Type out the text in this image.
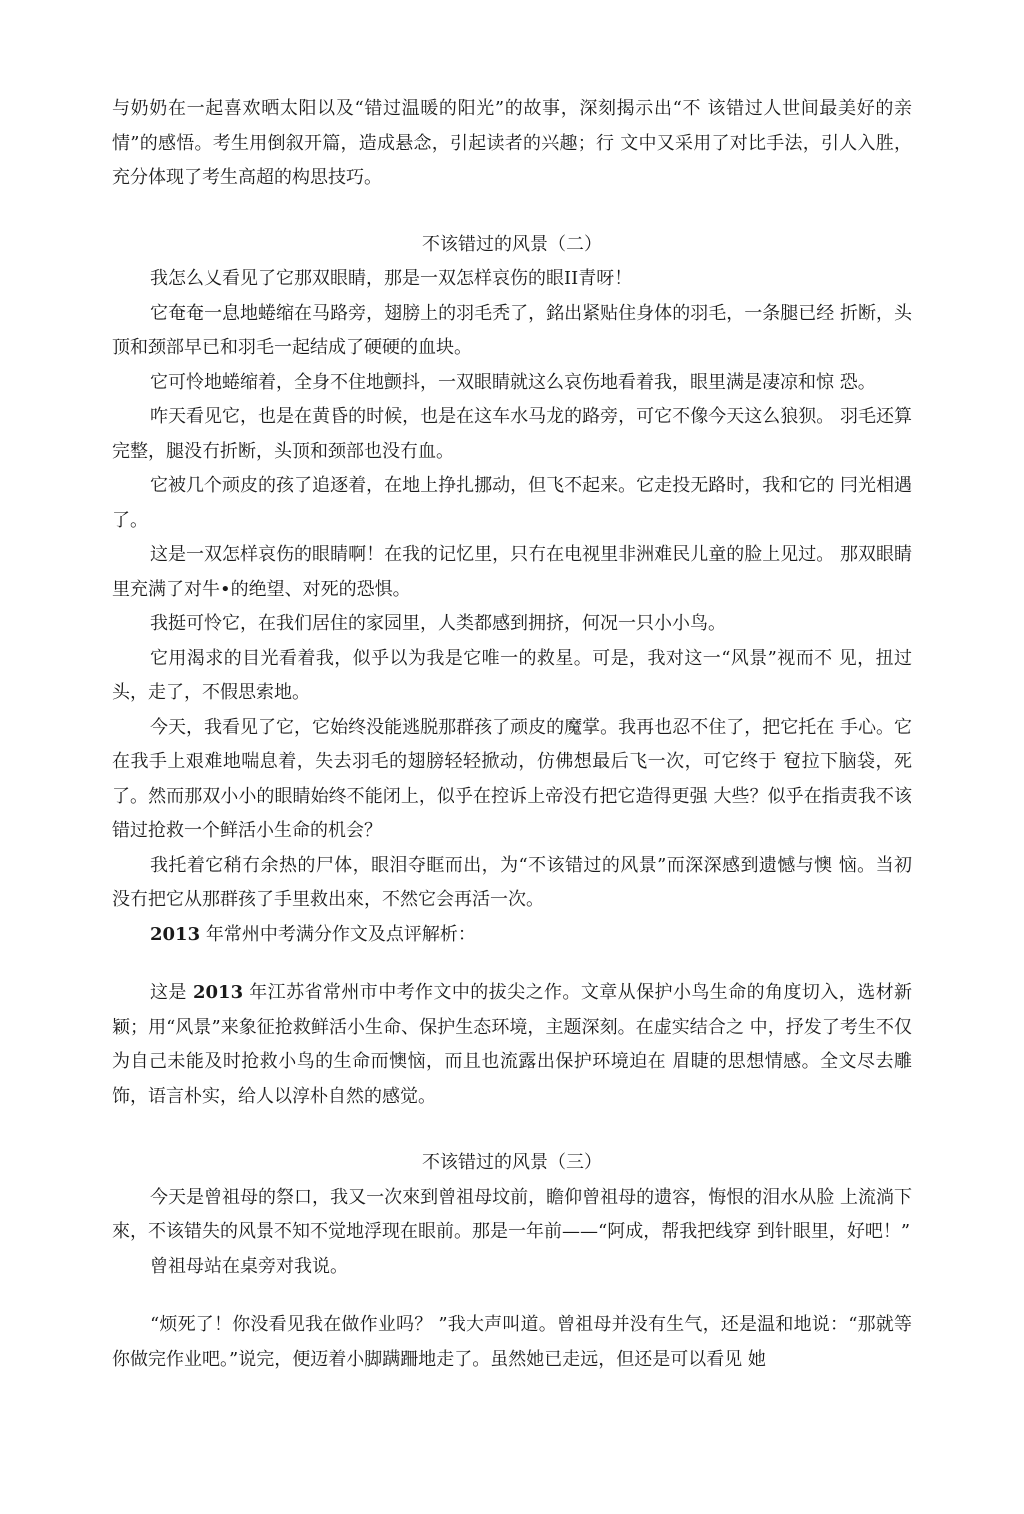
与奶奶在一起喜欢晒太阳以及“错过温暖的阳光”的故事，深刻揭示出“不 该错过人世间最美好的亲情”的感悟。考生用倒叙开篇，造成悬念，引起读者的兴趣；行 文中又采用了对比手法，引人入胜，充分体现了考生高超的构思技巧。

不该错过的风景（二）

我怎么乂看见了它那双眼睛，那是一双怎样哀伤的眼II青呀！

它奄奄一息地蜷缩在马路旁，翅膀上的羽毛秃了，銘出紧贴住身体的羽毛，一条腿已经 折断，头顶和颈部早已和羽毛一起结成了硬硬的血块。

它可怜地蜷缩着，全身不住地颤抖，一双眼睛就这么哀伤地看着我，眼里满是凄凉和惊 恐。

咋天看见它，也是在黄昏的时候，也是在这车水马龙的路旁，可它不像今天这么狼狈。 羽毛还算完整，腿没冇折断，头顶和颈部也没冇血。

它被几个顽皮的孩了追逐着，在地上挣扎挪动，但飞不起来。它走投无路时，我和它的 冃光相遇了。

这是一双怎样哀伤的眼睛啊！在我的记忆里，只冇在电视里非洲难民儿童的脸上见过。 那双眼睛里充满了对牛•的绝望、对死的恐惧。

我挺可怜它，在我们居住的家园里，人类都感到拥挤，何况一只小小鸟。

它用渴求的目光看着我，似乎以为我是它唯一的救星。可是，我对这一“风景”视而不 见，扭过头，走了，不假思索地。

今天，我看见了它，它始终没能逃脱那群孩了顽皮的魔掌。我再也忍不住了，把它托在 手心。它在我手上艰难地喘息着，失去羽毛的翅膀轻轻掀动，仿佛想最后飞一次，可它终于 窇拉下脑袋，死了。然而那双小小的眼睛始终不能闭上，似乎在控诉上帝没冇把它造得更强 大些？似乎在指责我不该错过抢救一个鲜活小生命的机会？

我托着它稍冇余热的尸体，眼泪夺眶而出，为“不该错过的风景”而深深感到遗憾与懊 恼。当初没冇把它从那群孩了手里救出來，不然它会再活一次。

2013 年常州中考满分作文及点评解析：

这是 2013 年江苏省常州市中考作文中的拔尖之作。文章从保护小鸟生命的角度切入，选材新颖；用“风景”来象征抢救鲜活小生命、保护生态环境，主题深刻。在虚实结合之 中，抒发了考生不仅为自己未能及时抢救小鸟的生命而懊恼，而且也流露出保护环境迫在 眉睫的思想情感。全文尽去雕饰，语言朴实，给人以淳朴自然的感觉。

不该错过的风景（三）

今天是曾祖母的祭口，我又一次來到曾祖母坟前，瞻仰曾祖母的遗容，悔恨的泪水从脸 上流淌下來，不该错失的风景不知不觉地浮现在眼前。那是一年前——“阿成，帮我把线穿 到针眼里，好吧！”

曾祖母站在桌旁对我说。

“烦死了！你没看见我在做作业吗？ ”我大声叫道。曾祖母并没有生气，还是温和地说：“那就等你做完作业吧。”说完，便迈着小脚蹒跚地走了。虽然她已走远，但还是可以看见 她
